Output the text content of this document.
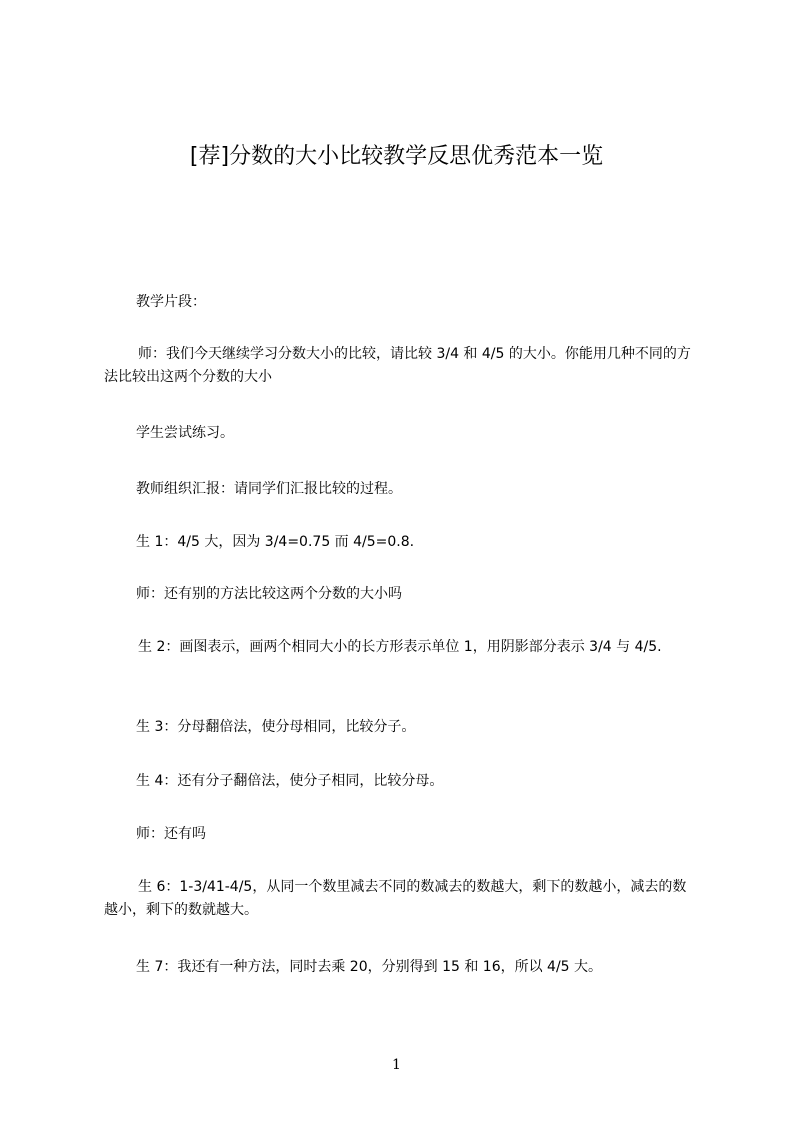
[荐]分数的大小比较教学反思优秀范本一览
教学片段：
师：我们今天继续学习分数大小的比较，请比较 3/4 和 4/5 的大小。你能用几种不同的方法比较出这两个分数的大小
学生尝试练习。
教师组织汇报：请同学们汇报比较的过程。
生 1：4/5 大，因为 3/4=0.75 而 4/5=0.8.
师：还有别的方法比较这两个分数的大小吗
生 2：画图表示，画两个相同大小的长方形表示单位 1，用阴影部分表示 3/4 与 4/5.
生 3：分母翻倍法，使分母相同，比较分子。
生 4：还有分子翻倍法，使分子相同，比较分母。
师：还有吗
生 6：1-3/41-4/5，从同一个数里减去不同的数减去的数越大，剩下的数越小，减去的数越小，剩下的数就越大。
生 7：我还有一种方法，同时去乘 20，分别得到 15 和 16，所以 4/5 大。
1
